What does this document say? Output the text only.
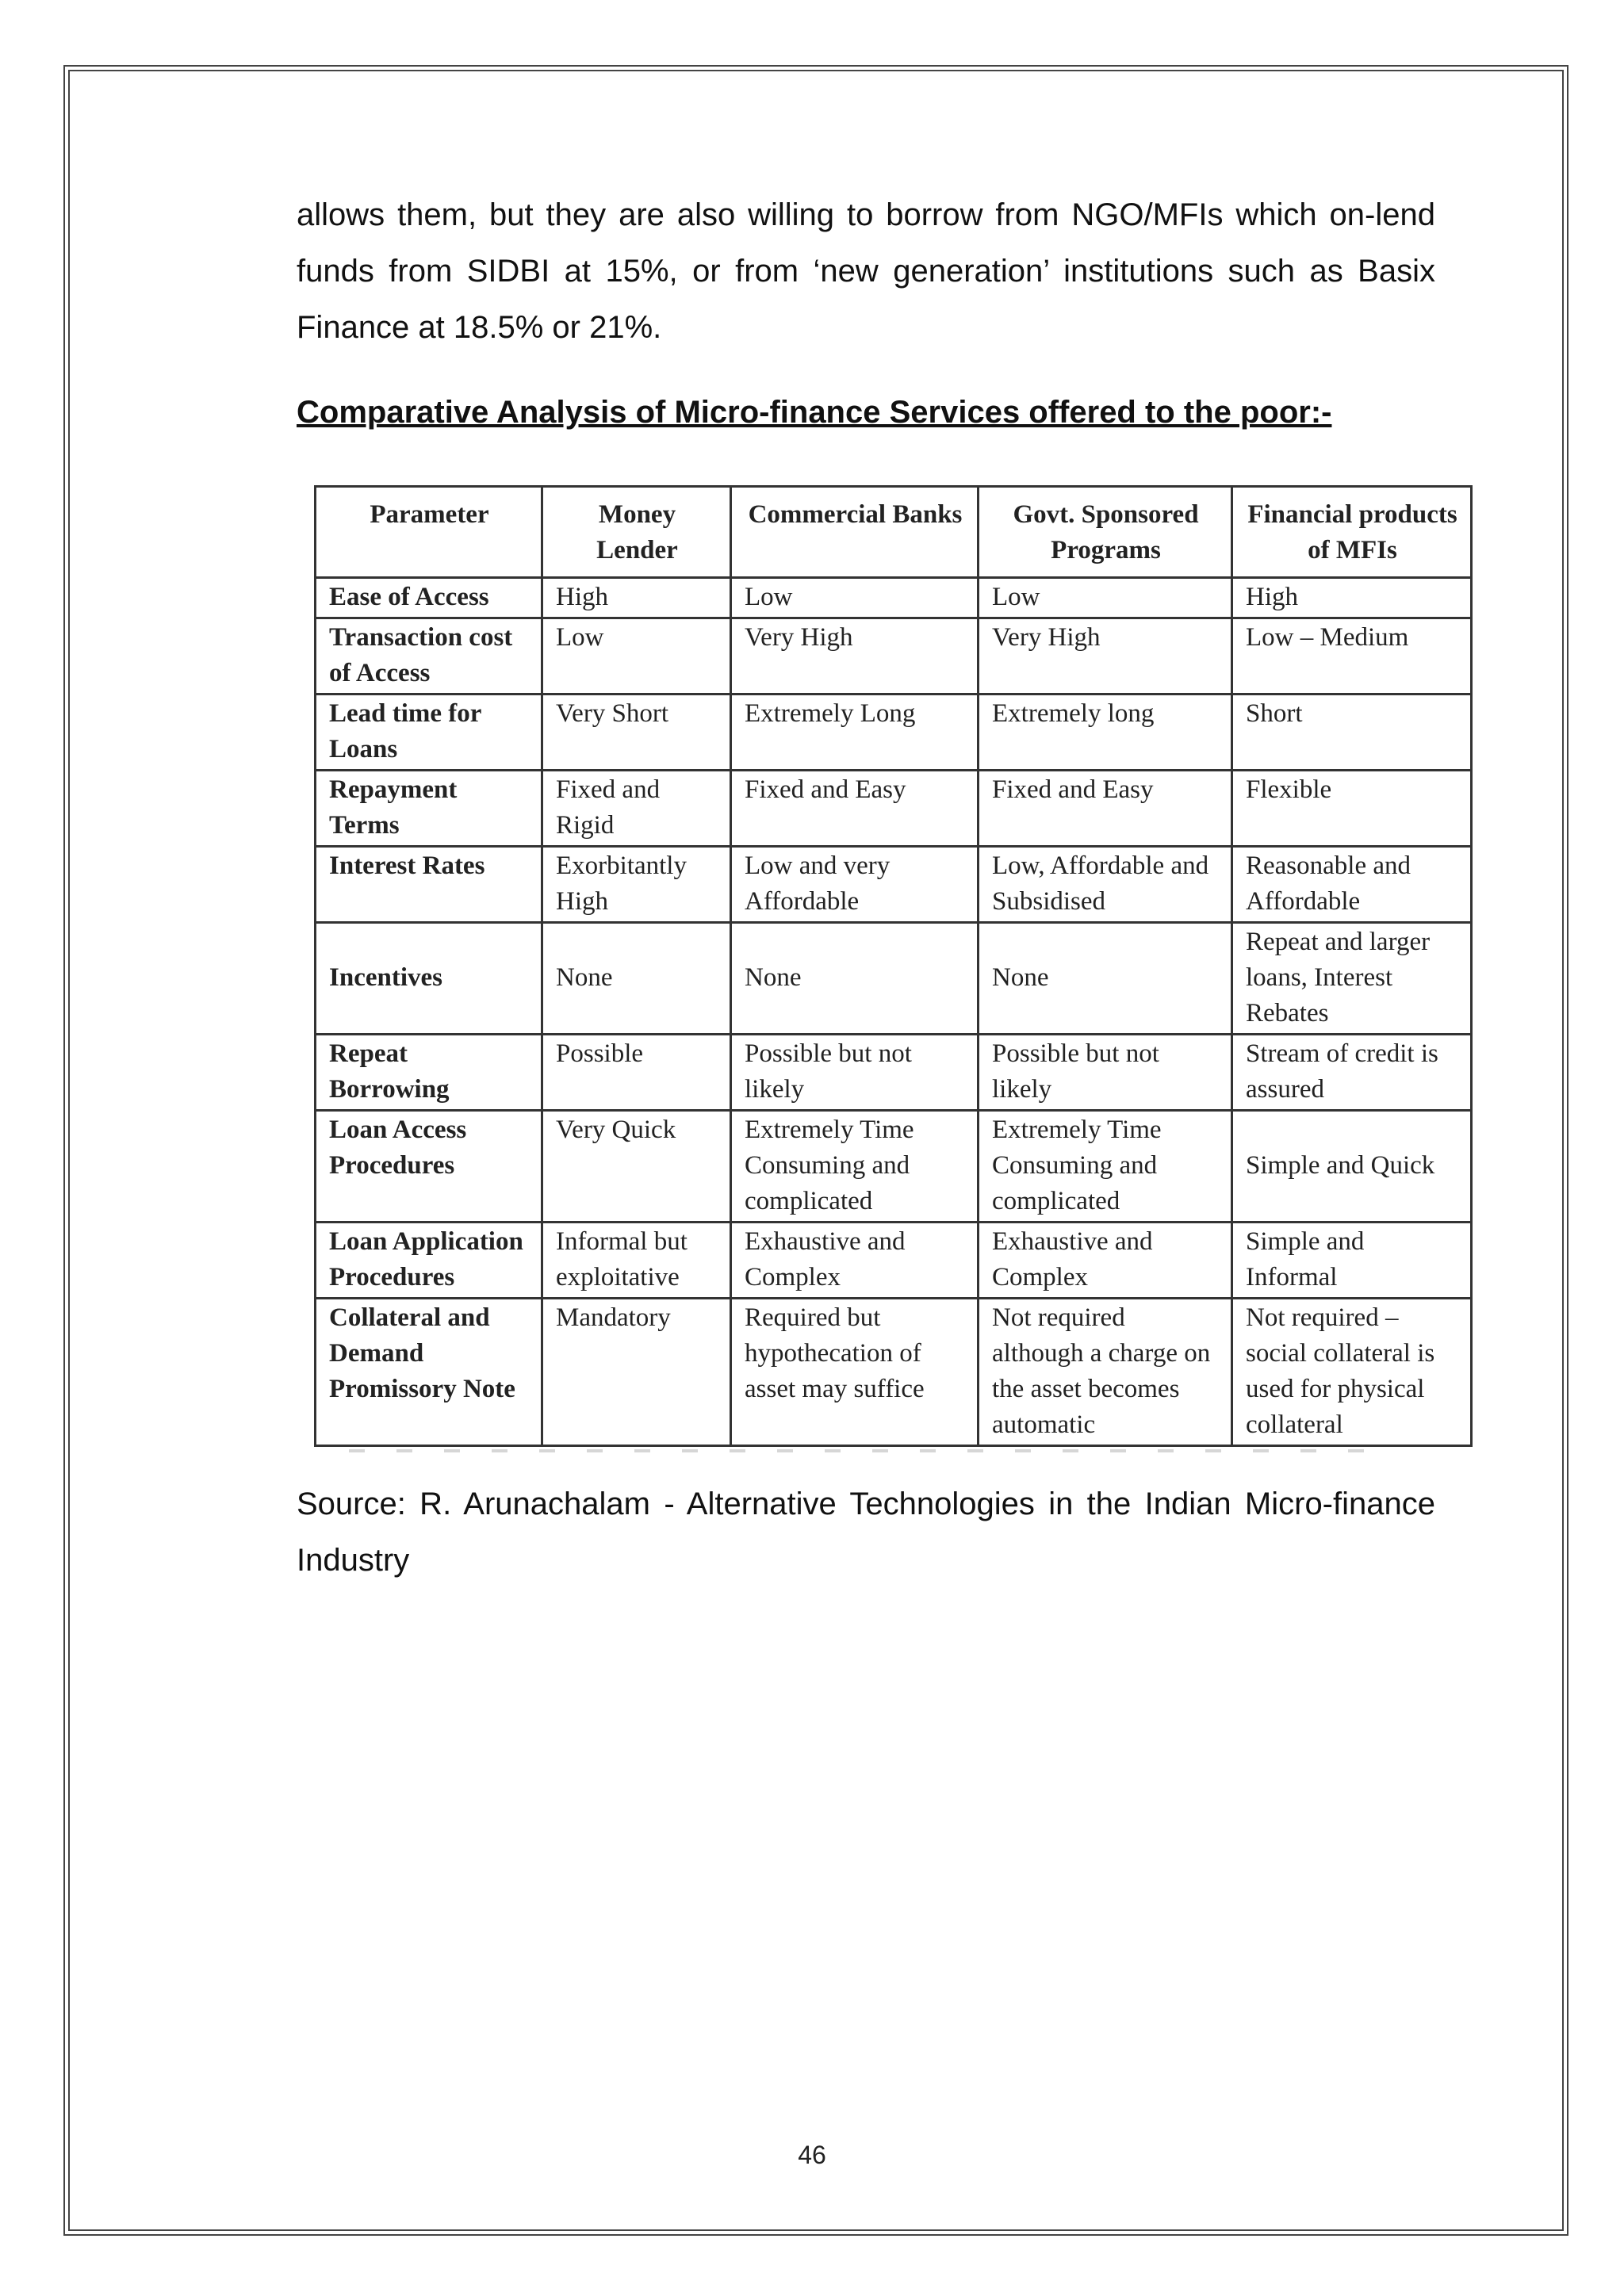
allows them, but they are also willing to borrow from NGO/MFIs which on-lend funds from SIDBI at 15%, or from ‘new generation’ institutions such as Basix Finance at 18.5% or 21%.

Comparative Analysis of Micro-finance Services offered to the poor:-
Parameter	Money Lender	Commercial Banks	Govt. Sponsored Programs	Financial products of MFIs
Ease of Access	High	Low	Low	High
Transaction cost of Access	Low	Very High	Very High	Low – Medium
Lead time for Loans	Very Short	Extremely Long	Extremely long	Short
Repayment Terms	Fixed and Rigid	Fixed and Easy	Fixed and Easy	Flexible
Interest Rates	Exorbitantly High	Low and very Affordable	Low, Affordable and Subsidised	Reasonable and Affordable
Incentives	None	None	None	Repeat and larger loans, Interest Rebates
Repeat Borrowing	Possible	Possible but not likely	Possible but not likely	Stream of credit is assured
Loan Access Procedures	Very Quick	Extremely Time Consuming and complicated	Extremely Time Consuming and complicated	Simple and Quick
Loan Application Procedures	Informal but exploitative	Exhaustive and Complex	Exhaustive and Complex	Simple and Informal
Collateral and Demand Promissory Note	Mandatory	Required but hypothecation of asset may suffice	Not required although a charge on the asset becomes automatic	Not required – social collateral is used for physical collateral

Source: R. Arunachalam - Alternative Technologies in the Indian Micro-finance Industry

46
